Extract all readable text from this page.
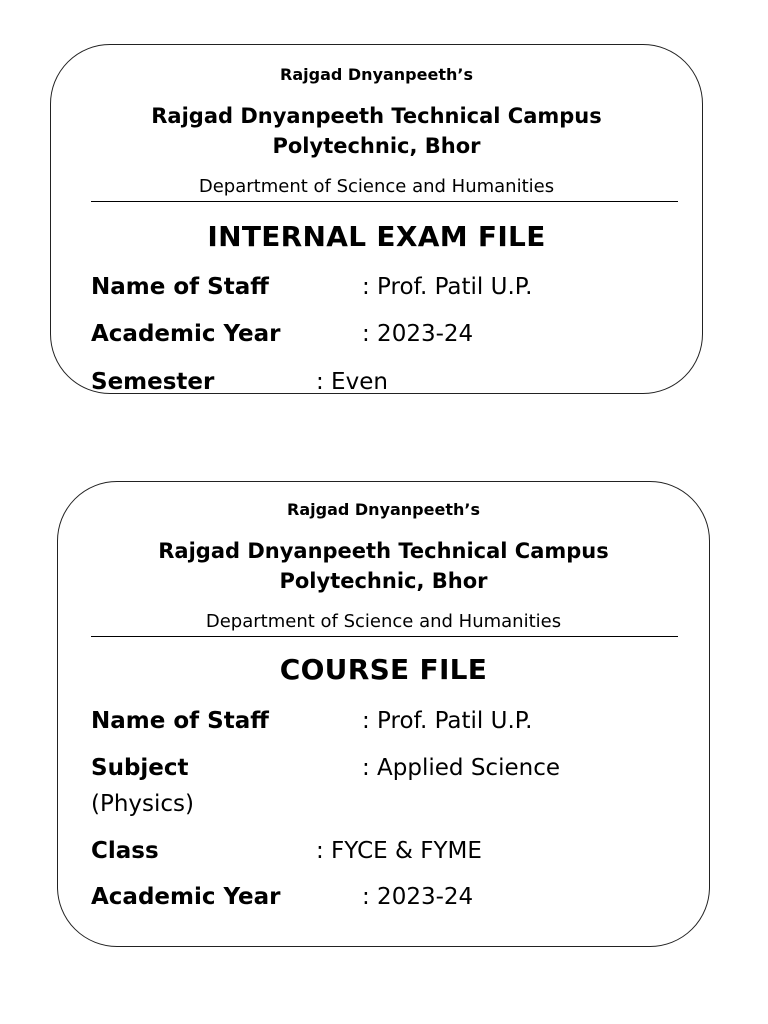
Rajgad Dnyanpeeth’s
Rajgad Dnyanpeeth Technical Campus
Polytechnic, Bhor
Department of Science and Humanities
INTERNAL EXAM FILE
Name of Staff	: Prof. Patil U.P.
Academic Year	: 2023-24
Semester	: Even
Rajgad Dnyanpeeth’s
Rajgad Dnyanpeeth Technical Campus
Polytechnic, Bhor
Department of Science and Humanities
COURSE FILE
Name of Staff	: Prof. Patil U.P.
Subject	: Applied Science
(Physics)
Class	: FYCE & FYME
Academic Year	: 2023-24
